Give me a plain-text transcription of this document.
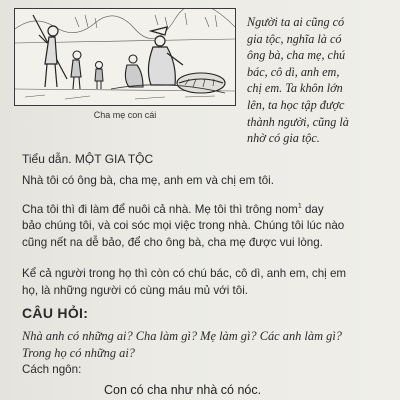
Cha mẹ con cái
Người ta ai cũng có
gia tộc, nghĩa là có
ông bà, cha mẹ, chú
bác, cô dì, anh em,
chị em. Ta khôn lớn
lên, ta học tập được
thành người, cũng là
nhờ có gia tộc.
Tiểu dẫn. MỘT GIA TỘC
Nhà tôi có ông bà, cha mẹ, anh em và chị em tôi.
Cha tôi thì đi làm để nuôi cả nhà. Mẹ tôi thì trông nom$^1$ day
bảo chúng tôi, và coi sóc mọi việc trong nhà. Chúng tôi lúc nào
cũng nết na dễ bảo, để cho ông bà, cha mẹ được vui lòng.
Kể cả người trong họ thì còn có chú bác, cô dì, anh em, chị em
họ, là những người có cùng máu mủ với tôi.
CÂU HỎI:
Nhà anh có những ai? Cha làm gì? Mẹ làm gì? Các anh làm gì?
Trong họ có những ai?
Cách ngôn:
Con có cha như nhà có nóc.
